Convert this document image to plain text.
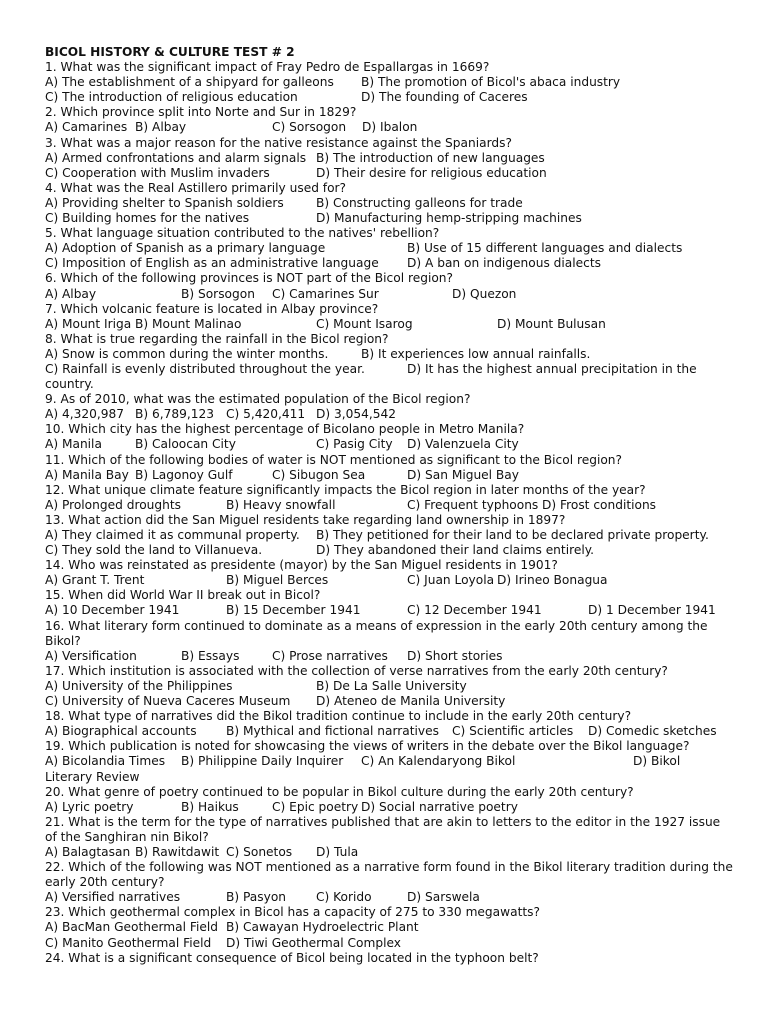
BICOL HISTORY & CULTURE TEST # 2
1. What was the significant impact of Fray Pedro de Espallargas in 1669?
A) The establishment of a shipyard for galleons B) The promotion of Bicol's abaca industry
C) The introduction of religious education	D) The founding of Caceres
2. Which province split into Norte and Sur in 1829?
A) Camarines B) Albay	C) Sorsogon D) Ibalon
3. What was a major reason for the native resistance against the Spaniards?
A) Armed confrontations and alarm signals B) The introduction of new languages
C) Cooperation with Muslim invaders	D) Their desire for religious education
4. What was the Real Astillero primarily used for?
A) Providing shelter to Spanish soldiers	B) Constructing galleons for trade
C) Building homes for the natives	D) Manufacturing hemp-stripping machines
5. What language situation contributed to the natives' rebellion?
A) Adoption of Spanish as a primary language	B) Use of 15 different languages and dialects
C) Imposition of English as an administrative language D) A ban on indigenous dialects
6. Which of the following provinces is NOT part of the Bicol region?
A) Albay	B) Sorsogon C) Camarines Sur	D) Quezon
7. Which volcanic feature is located in Albay province?
A) Mount Iriga B) Mount Malinao	C) Mount Isarog	D) Mount Bulusan
8. What is true regarding the rainfall in the Bicol region?
A) Snow is common during the winter months.	B) It experiences low annual rainfalls.
C) Rainfall is evenly distributed throughout the year.	D) It has the highest annual precipitation in the
country.
9. As of 2010, what was the estimated population of the Bicol region?
A) 4,320,987 B) 6,789,123 C) 5,420,411 D) 3,054,542
10. Which city has the highest percentage of Bicolano people in Metro Manila?
A) Manila	B) Caloocan City	C) Pasig City D) Valenzuela City
11. Which of the following bodies of water is NOT mentioned as significant to the Bicol region?
A) Manila Bay B) Lagonoy Gulf	C) Sibugon Sea	D) San Miguel Bay
12. What unique climate feature significantly impacts the Bicol region in later months of the year?
A) Prolonged droughts	B) Heavy snowfall	C) Frequent typhoons D) Frost conditions
13. What action did the San Miguel residents take regarding land ownership in 1897?
A) They claimed it as communal property. B) They petitioned for their land to be declared private property.
C) They sold the land to Villanueva.	D) They abandoned their land claims entirely.
14. Who was reinstated as presidente (mayor) by the San Miguel residents in 1901?
A) Grant T. Trent	B) Miguel Berces	C) Juan Loyola D) Irineo Bonagua
15. When did World War II break out in Bicol?
A) 10 December 1941	B) 15 December 1941	C) 12 December 1941	D) 1 December 1941
16. What literary form continued to dominate as a means of expression in the early 20th century among the Bikol?
A) Versification	B) Essays	C) Prose narratives D) Short stories
17. Which institution is associated with the collection of verse narratives from the early 20th century?
A) University of the Philippines	B) De La Salle University
C) University of Nueva Caceres Museum D) Ateneo de Manila University
18. What type of narratives did the Bikol tradition continue to include in the early 20th century?
A) Biographical accounts B) Mythical and fictional narratives C) Scientific articles D) Comedic sketches
19. Which publication is noted for showcasing the views of writers in the debate over the Bikol language?
A) Bicolandia Times B) Philippine Daily Inquirer C) An Kalendaryong Bikol	D) Bikol
Literary Review
20. What genre of poetry continued to be popular in Bikol culture during the early 20th century?
A) Lyric poetry	B) Haikus	C) Epic poetry D) Social narrative poetry
21. What is the term for the type of narratives published that are akin to letters to the editor in the 1927 issue of the Sanghiran nin Bikol?
A) Balagtasan B) Rawitdawit C) Sonetos D) Tula
22. Which of the following was NOT mentioned as a narrative form found in the Bikol literary tradition during the early 20th century?
A) Versified narratives	B) Pasyon C) Korido	D) Sarswela
23. Which geothermal complex in Bicol has a capacity of 275 to 330 megawatts?
A) BacMan Geothermal Field B) Cawayan Hydroelectric Plant
C) Manito Geothermal Field D) Tiwi Geothermal Complex
24. What is a significant consequence of Bicol being located in the typhoon belt?
